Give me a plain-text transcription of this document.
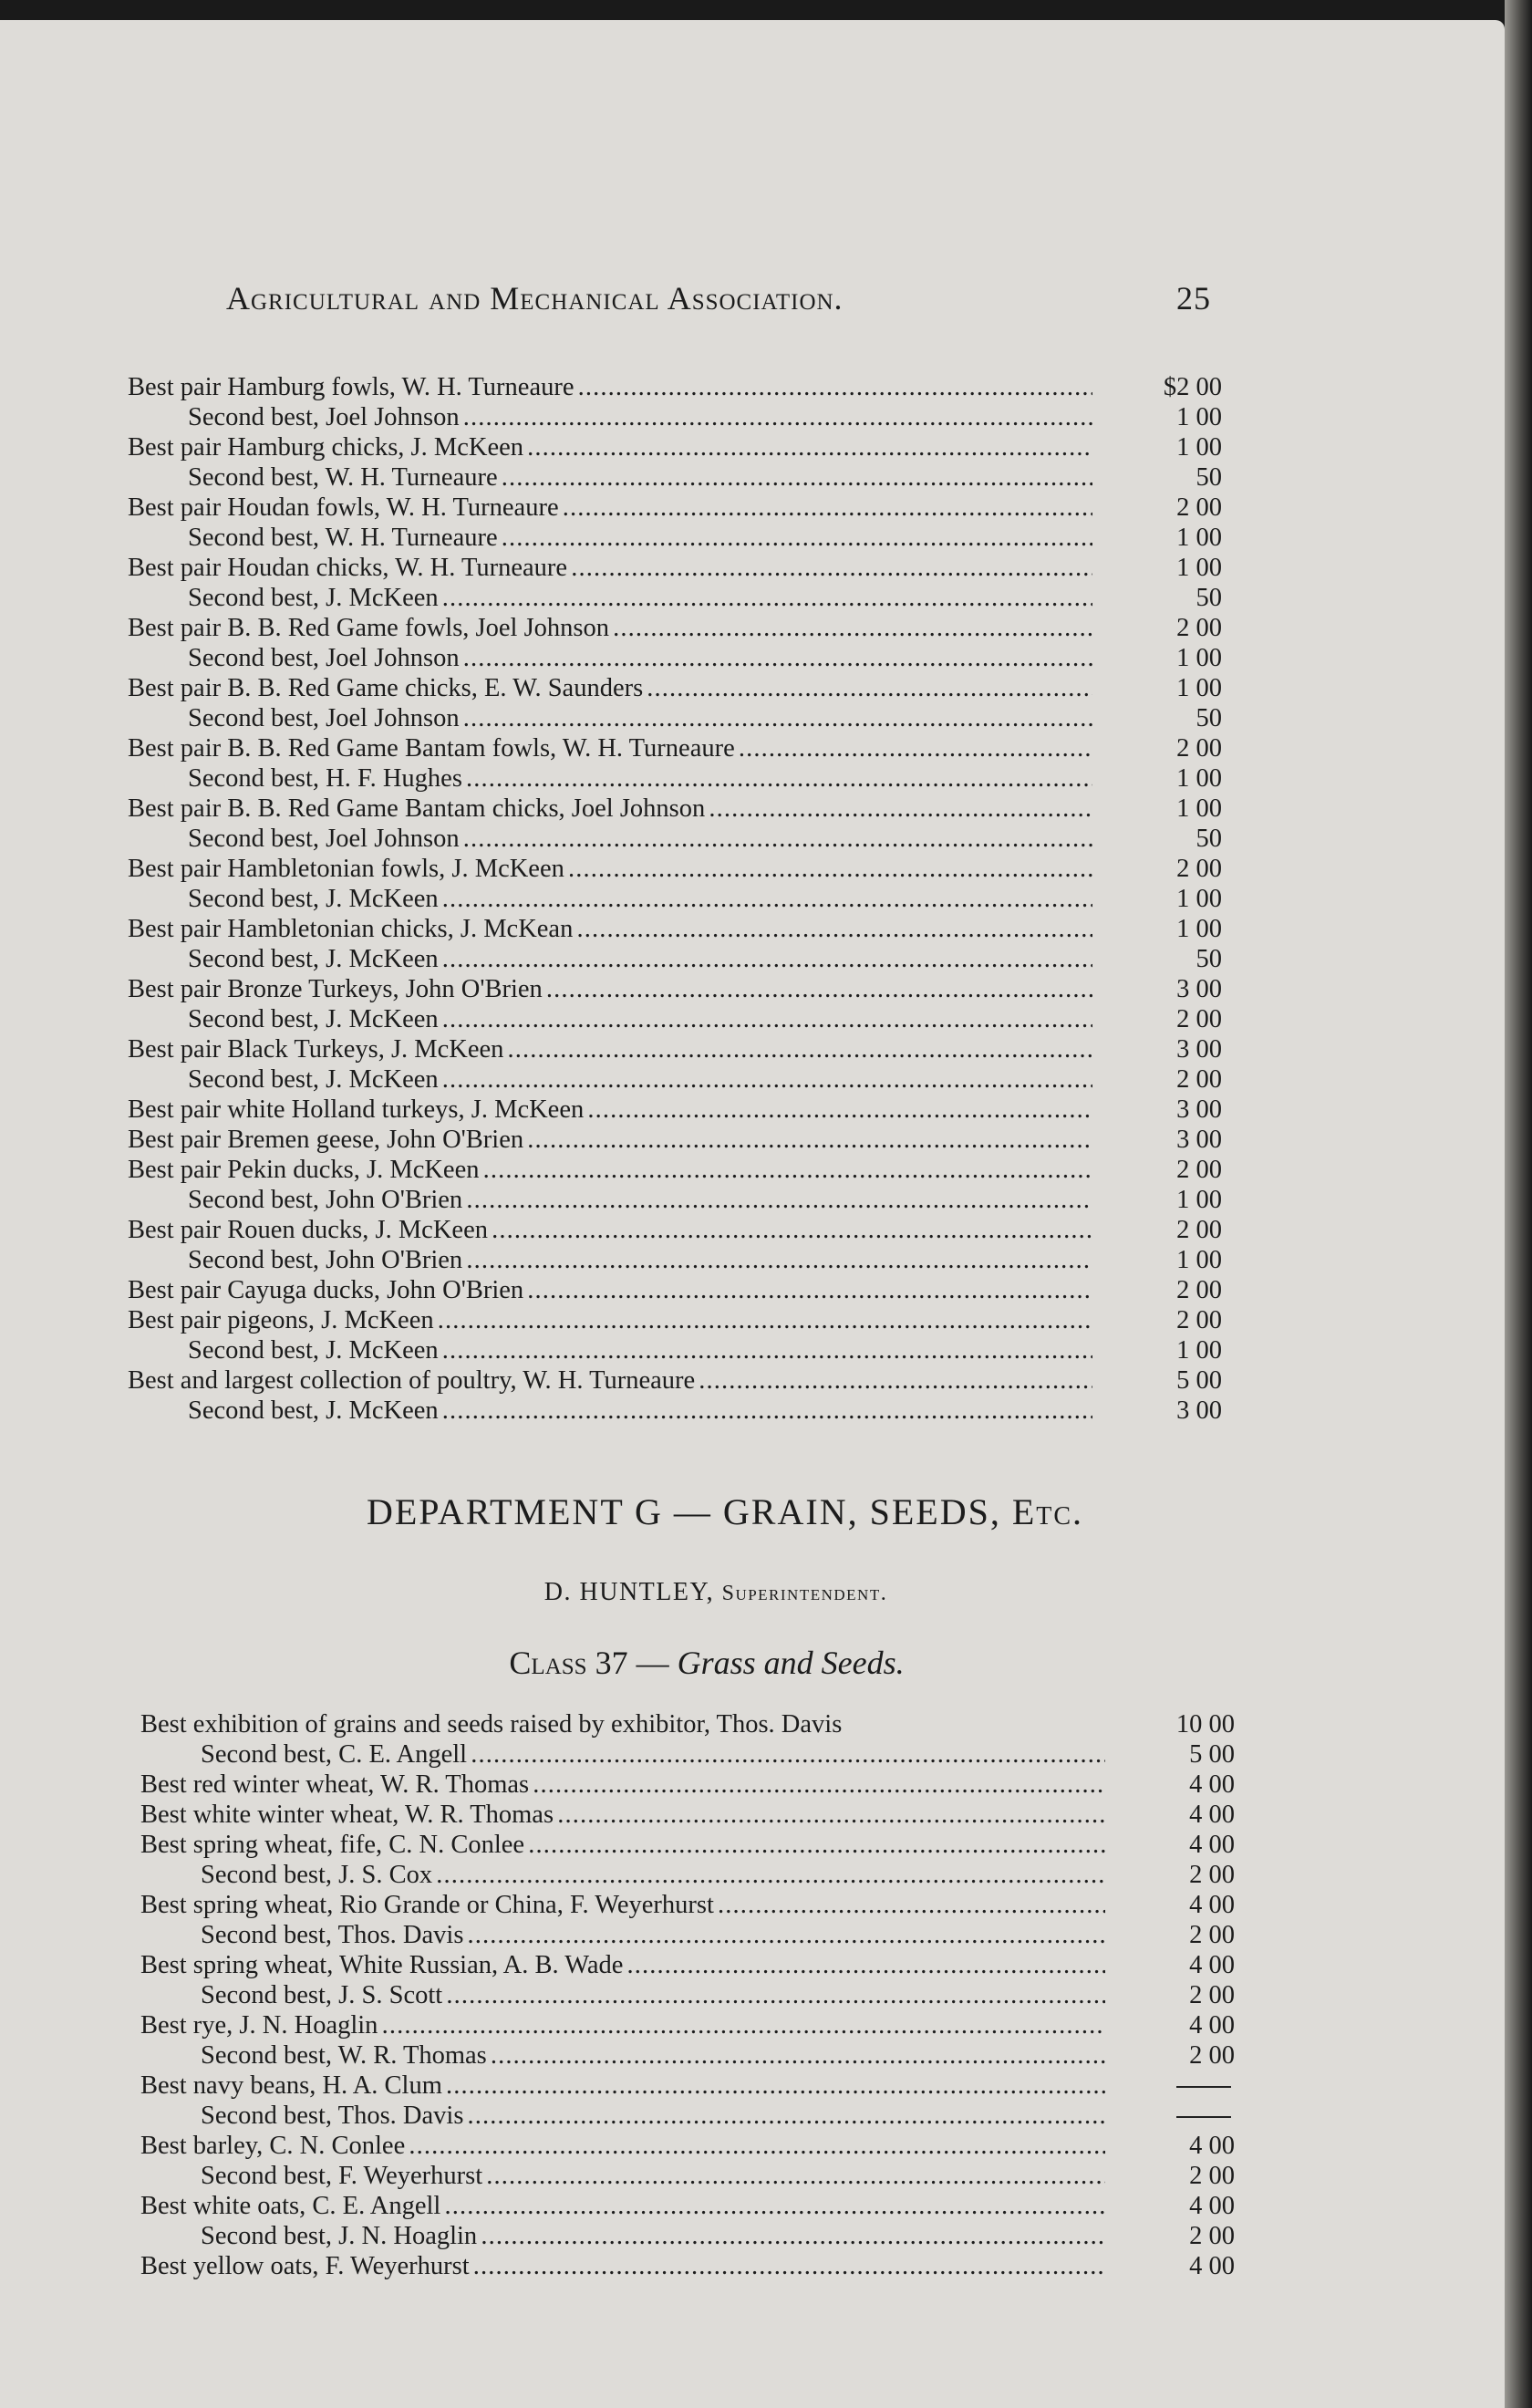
Agricultural and Mechanical Association.	25
Best pair Hamburg fowls, W. H. Turneaure . . .	$2 00
Second best, Joel Johnson . . .	1 00
Best pair Hamburg chicks, J. McKeen . . .	1 00
Second best, W. H. Turneaure . . .	50
Best pair Houdan fowls, W. H. Turneaure . . .	2 00
Second best, W. H. Turneaure . . .	1 00
Best pair Houdan chicks, W. H. Turneaure . . .	1 00
Second best, J. McKeen . . .	50
Best pair B. B. Red Game fowls, Joel Johnson . . .	2 00
Second best, Joel Johnson . . .	1 00
Best pair B. B. Red Game chicks, E. W. Saunders . . .	1 00
Second best, Joel Johnson . . .	50
Best pair B. B. Red Game Bantam fowls, W. H. Turneaure . . .	2 00
Second best, H. F. Hughes . . .	1 00
Best pair B. B. Red Game Bantam chicks, Joel Johnson . . .	1 00
Second best, Joel Johnson . . .	50
Best pair Hambletonian fowls, J. McKeen . . .	2 00
Second best, J. McKeen . . .	1 00
Best pair Hambletonian chicks, J. McKean . . .	1 00
Second best, J. McKeen . . .	50
Best pair Bronze Turkeys, John O'Brien . . .	3 00
Second best, J. McKeen . . .	2 00
Best pair Black Turkeys, J. McKeen . . .	3 00
Second best, J. McKeen . . .	2 00
Best pair white Holland turkeys, J. McKeen . . .	3 00
Best pair Bremen geese, John O'Brien . . .	3 00
Best pair Pekin ducks, J. McKeen . . .	2 00
Second best, John O'Brien . . .	1 00
Best pair Rouen ducks, J. McKeen . . .	2 00
Second best, John O'Brien . . .	1 00
Best pair Cayuga ducks, John O'Brien . . .	2 00
Best pair pigeons, J. McKeen . . .	2 00
Second best, J. McKeen . . .	1 00
Best and largest collection of poultry, W. H. Turneaure . . .	5 00
Second best, J. McKeen . . .	3 00
DEPARTMENT G — GRAIN, SEEDS, Etc.
D. HUNTLEY, Superintendent.
Class 37 — Grass and Seeds.
Best exhibition of grains and seeds raised by exhibitor, Thos. Davis	10 00
Second best, C. E. Angell . . .	5 00
Best red winter wheat, W. R. Thomas . . .	4 00
Best white winter wheat, W. R. Thomas . . .	4 00
Best spring wheat, fife, C. N. Conlee . . .	4 00
Second best, J. S. Cox . . .	2 00
Best spring wheat, Rio Grande or China, F. Weyerhurst . . .	4 00
Second best, Thos. Davis . . .	2 00
Best spring wheat, White Russian, A. B. Wade . . .	4 00
Second best, J. S. Scott . . .	2 00
Best rye, J. N. Hoaglin . . .	4 00
Second best, W. R. Thomas . . .	2 00
Best navy beans, H. A. Clum . . .
Second best, Thos. Davis . . .
Best barley, C. N. Conlee . . .	4 00
Second best, F. Weyerhurst . . .	2 00
Best white oats, C. E. Angell . . .	4 00
Second best, J. N. Hoaglin . . .	2 00
Best yellow oats, F. Weyerhurst . . .	4 00
